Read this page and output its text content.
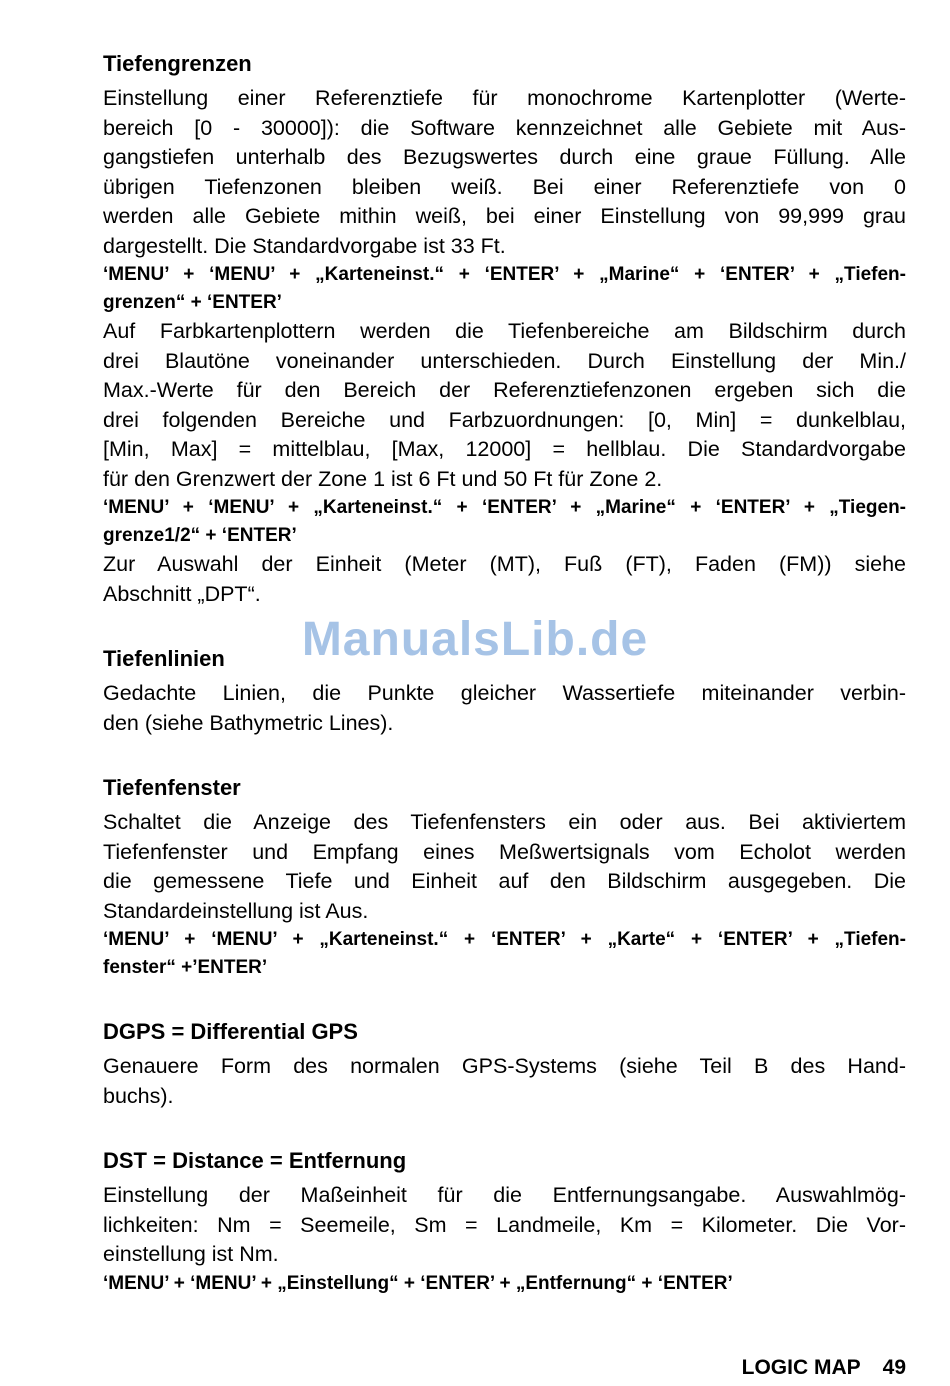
ManualsLib.de
Tiefengrenzen
Einstellung einer Referenztiefe für monochrome Kartenplotter (Werte-
bereich [0 - 30000]): die Software kennzeichnet alle Gebiete mit Aus-
gangstiefen unterhalb des Bezugswertes durch eine graue Füllung. Alle
übrigen Tiefenzonen bleiben weiß. Bei einer Referenztiefe von 0
werden alle Gebiete mithin weiß, bei einer Einstellung von 99,999 grau
dargestellt. Die Standardvorgabe ist 33 Ft.
‘MENU’ + ‘MENU’ + „Karteneinst.“ + ‘ENTER’ + „Marine“ + ‘ENTER’ + „Tiefen-
grenzen“ + ‘ENTER’
Auf Farbkartenplottern werden die Tiefenbereiche am Bildschirm durch
drei Blautöne voneinander unterschieden. Durch Einstellung der Min./
Max.-Werte für den Bereich der Referenztiefenzonen ergeben sich die
drei folgenden Bereiche und Farbzuordnungen: [0, Min] = dunkelblau,
[Min, Max] = mittelblau, [Max, 12000] = hellblau. Die Standardvorgabe
für den Grenzwert der Zone 1 ist 6 Ft und 50 Ft für Zone 2.
‘MENU’ + ‘MENU’ + „Karteneinst.“ + ‘ENTER’ + „Marine“ + ‘ENTER’ + „Tiegen-
grenze1/2“ + ‘ENTER’
Zur Auswahl der Einheit (Meter (MT), Fuß (FT), Faden (FM)) siehe
Abschnitt „DPT“.
Tiefenlinien
Gedachte Linien, die Punkte gleicher Wassertiefe miteinander verbin-
den (siehe Bathymetric Lines).
Tiefenfenster
Schaltet die Anzeige des Tiefenfensters ein oder aus. Bei aktiviertem
Tiefenfenster und Empfang eines Meßwertsignals vom Echolot werden
die gemessene Tiefe und Einheit auf den Bildschirm ausgegeben. Die
Standardeinstellung ist Aus.
‘MENU’ + ‘MENU’ + „Karteneinst.“ + ‘ENTER’ + „Karte“ + ‘ENTER’ + „Tiefen-
fenster“ +’ENTER’
DGPS = Differential GPS
Genauere Form des normalen GPS-Systems (siehe Teil B des Hand-
buchs).
DST = Distance = Entfernung
Einstellung der Maßeinheit für die Entfernungsangabe. Auswahlmög-
lichkeiten: Nm = Seemeile, Sm = Landmeile, Km = Kilometer. Die Vor-
einstellung ist Nm.
‘MENU’ + ‘MENU’ + „Einstellung“ + ‘ENTER’ + „Entfernung“ + ‘ENTER’
LOGIC MAP 49
